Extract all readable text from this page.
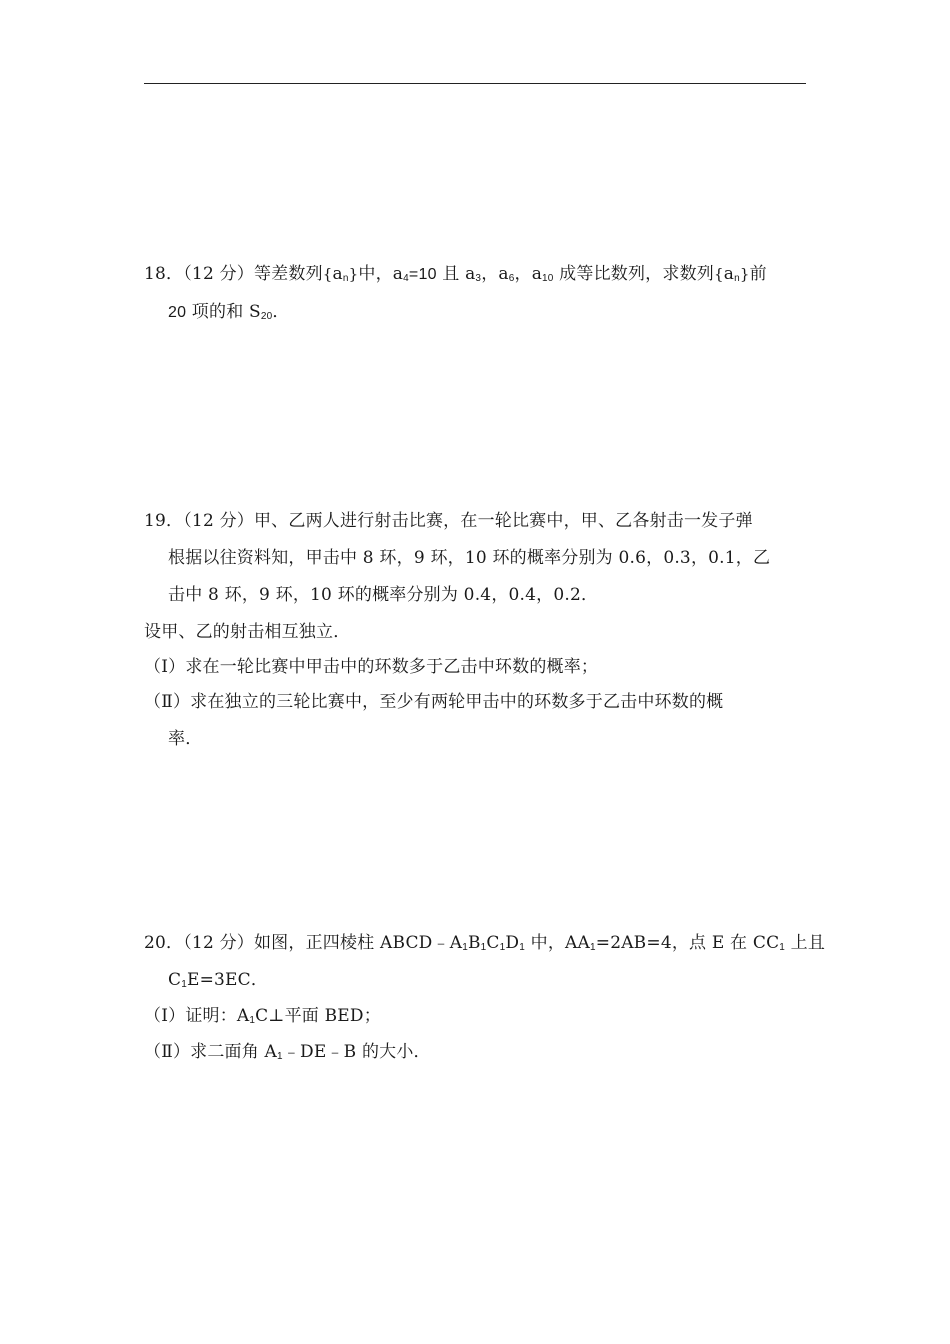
18．（12 分）等差数列$\{a_n\}$中，$a_4=10$ 且 $a_3$，$a_6$，$a_{10}$ 成等比数列，求数列$\{a_n\}$前
20 项的和 $S_{20}$．
19．（12 分）甲、乙两人进行射击比赛，在一轮比赛中，甲、乙各射击一发子弹
根据以往资料知，甲击中 8 环，9 环，10 环的概率分别为 0.6，0.3，0.1，乙
击中 8 环，9 环，10 环的概率分别为 0.4，0.4，0.2．
设甲、乙的射击相互独立．
（Ⅰ）求在一轮比赛中甲击中的环数多于乙击中环数的概率；
（Ⅱ）求在独立的三轮比赛中，至少有两轮甲击中的环数多于乙击中环数的概
率．
20．（12 分）如图，正四棱柱 $ABCD﹣A_1B_1C_1D_1$ 中，$AA_1=2AB=4$，点 E 在 $CC_1$ 上且
$C_1E=3EC$．
（Ⅰ）证明：$A_1C\perp$平面 BED；
（Ⅱ）求二面角 $A_1﹣DE﹣B$ 的大小．
